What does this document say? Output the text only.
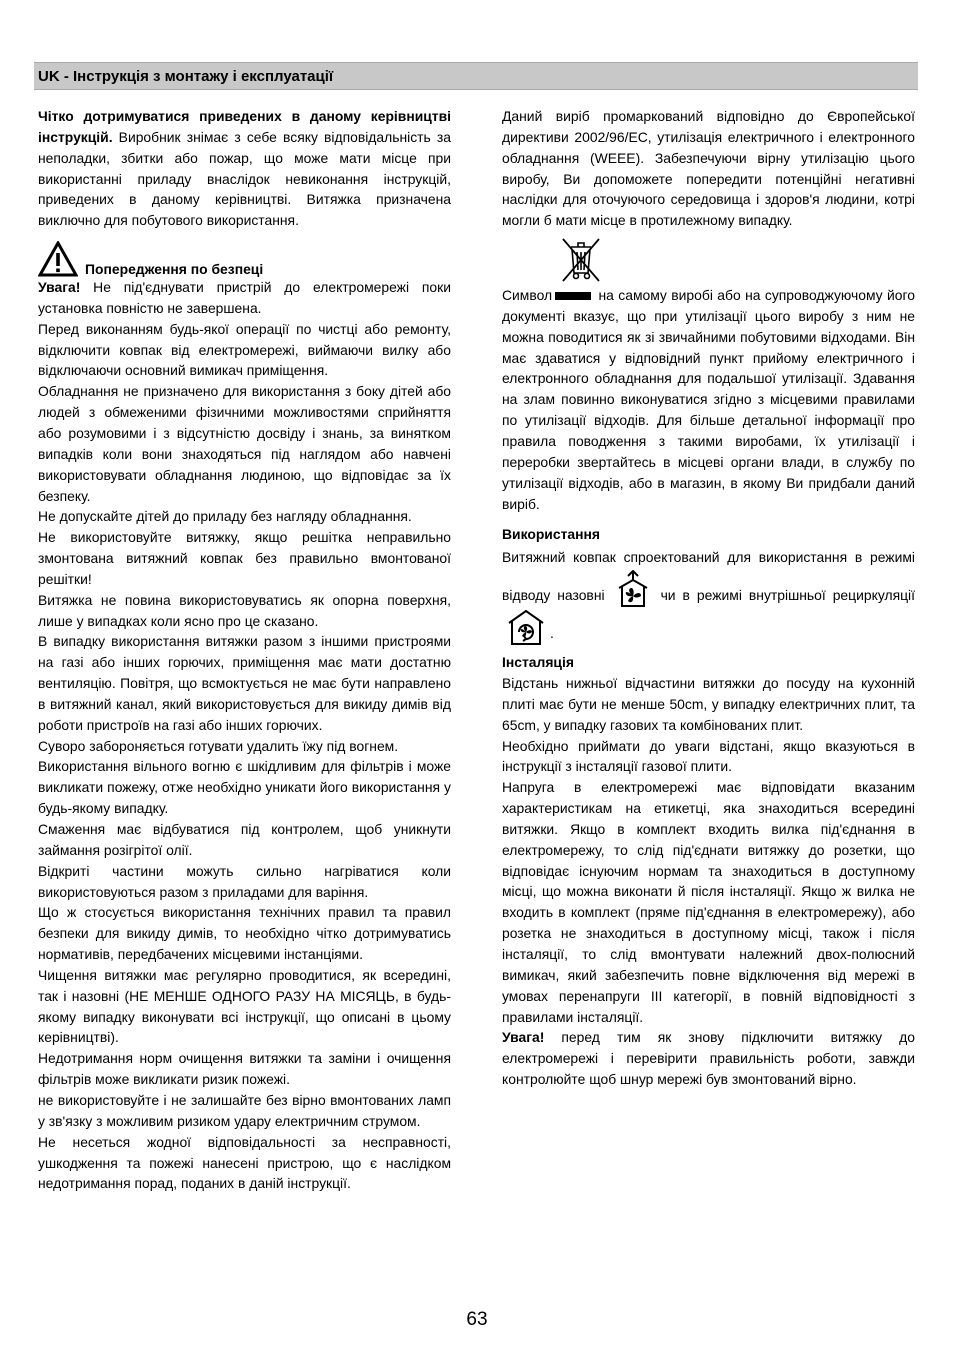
UK - Інструкція з монтажу і експлуатації

Чітко дотримуватися приведених в даному керівництві інструкцій. Виробник знімає з себе всяку відповідальність за неполадки, збитки або пожар, що може мати місце при використанні приладу внаслідок невиконання інструкцій, приведених в даному керівництві. Витяжка призначена виключно для побутового використання.

Попередження по безпеці

Увага! Не під'єднувати пристрій до електромережі поки установка повністю не завершена.

Перед виконанням будь-якої операції по чистці або ремонту, відключити ковпак від електромережі, виймаючи вилку або відключаючи основний вимикач приміщення.

Обладнання не призначено для використання з боку дітей або людей з обмеженими фізичними можливостями сприйняття або розумовими і з відсутністю досвіду і знань, за винятком випадків коли вони знаходяться під наглядом або навчені використовувати обладнання людиною, що відповідає за їх безпеку.

Не допускайте дітей до приладу без нагляду обладнання.

Не використовуйте витяжку, якщо решітка неправильно змонтована витяжний ковпак без правильно вмонтованої решітки!

Витяжка не повина використовуватись як опорна поверхня, лише у випадках коли ясно про це сказано.

В випадку використання витяжки разом з іншими пристроями на газі або інших горючих, приміщення має мати достатню вентиляцію. Повітря, що всмоктується не має бути направлено в витяжний канал, який використовується для викиду димів від роботи пристроїв на газі або інших горючих.

Суворо забороняється готувати удалить їжу під вогнем.

Використання вільного вогню є шкідливим для фільтрів і може викликати пожежу, отже необхідно уникати його використання у будь-якому випадку.

Смаження має відбуватися під контролем, щоб уникнути займання розігрітої олії.

Відкриті частини можуть сильно нагріватися коли використовуються разом з приладами для варіння.

Що ж стосується використання технічних правил та правил безпеки для викиду димів, то необхідно чітко дотримуватись нормативів, передбачених місцевими інстанціями.

Чищення витяжки має регулярно проводитися, як всередині, так і назовні (НЕ МЕНШЕ ОДНОГО РАЗУ НА МІСЯЦЬ, в будь-якому випадку виконувати всі інструкції, що описані в цьому керівництві).

Недотримання норм очищення витяжки та заміни і очищення фільтрів може викликати ризик пожежі.

не використовуйте і не залишайте без вірно вмонтованих ламп у зв'язку з можливим ризиком удару електричним струмом.

Не несеться жодної відповідальності за несправності, ушкодження та пожежі нанесені пристрою, що є наслідком недотримання порад, поданих в даній інструкції.

Даний виріб промаркований відповідно до Європейської директиви 2002/96/EC, утилізація електричного і електронного обладнання (WEEE). Забезпечуючи вірну утилізацію цього виробу, Ви допоможете попередити потенційні негативні наслідки для оточуючого середовища і здоров'я людини, котрі могли б мати місце в протилежному випадку.

Символ	на самому виробі або на супроводжуючому його документі вказує, що при утилізації цього виробу з ним не можна поводитися як зі звичайними побутовими відходами. Він має здаватися у відповідний пункт прийому електричного і електронного обладнання для подальшої утилізації. Здавання на злам повинно виконуватися згідно з місцевими правилами по утилізації відходів. Для більше детальної інформації про правила поводження з такими виробами, їх утилізації і переробки звертайтесь в місцеві органи влади, в службу по утилізації відходів, або в магазин, в якому Ви придбали даний виріб.

Використання

Витяжний ковпак спроектований для використання в режимі відводу назовні	чи в режимі внутрішньої рециркуляції .

Інсталяція

Відстань нижньої відчастини витяжки до посуду на кухонній плиті має бути не менше 50cm, у випадку електричних плит, та 65cm, у випадку газових та комбінованих плит.

Необхідно приймати до уваги відстані, якщо вказуються в інструкції з інсталяції газової плити.

Напруга в електромережі має відповідати вказаним характеристикам на етикетці, яка знаходиться всередині витяжки. Якщо в комплект входить вилка під'єднання в електромережу, то слід під'єднати витяжку до розетки, що відповідає існуючим нормам та знаходиться в доступному місці, що можна виконати й після інсталяції. Якщо ж вилка не входить в комплект (пряме під'єднання в електромережу), або розетка не знаходиться в доступному місці, також і після інсталяції, то слід вмонтувати належний двох-полюсний вимикач, який забезпечить повне відключення від мережі в умовах перенапруги III категорії, в повній відповідності з правилами інсталяції.

Увага! перед тим як знову підключити витяжку до електромережі і перевірити правильність роботи, завжди контролюйте щоб шнур мережі був змонтований вірно.

63
